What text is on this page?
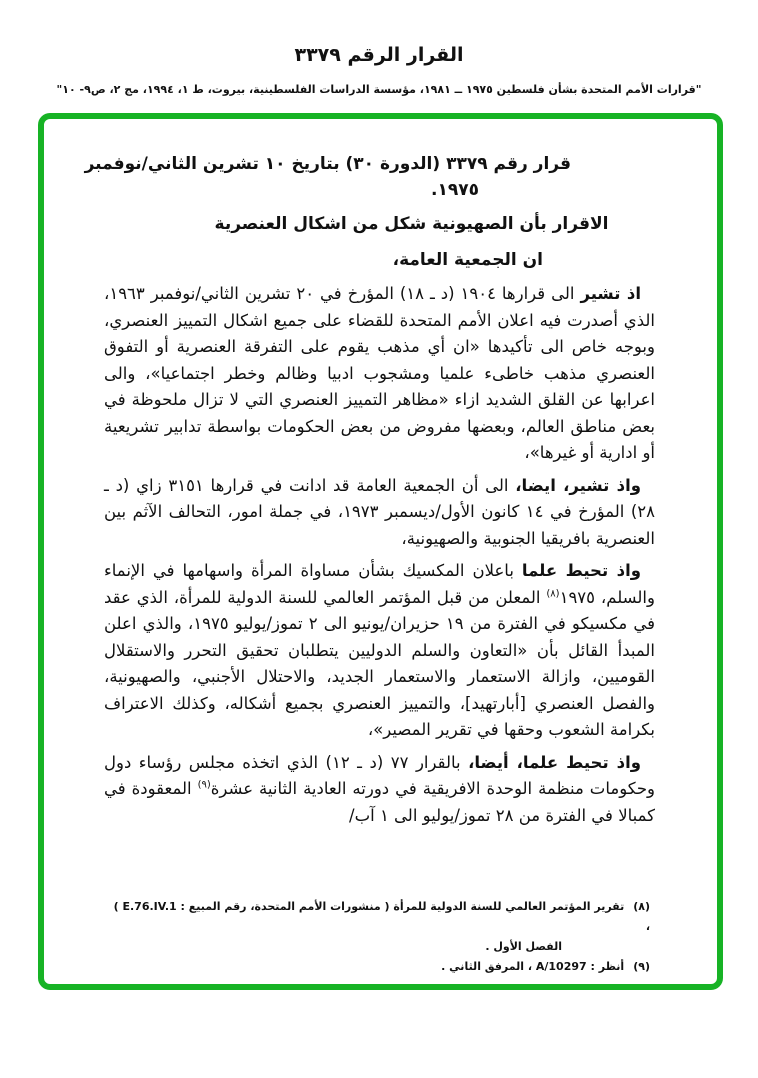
القرار الرقم ٣٣٧٩
"قرارات الأمم المتحدة بشأن فلسطين ١٩٧٥ ــ ١٩٨١، مؤسسة الدراسات الفلسطينية، بيروت، ط ١، ١٩٩٤، مج ٢، ص٩- ١٠"
قرار رقم ٣٣٧٩ (الدورة ٣٠) بتاريخ ١٠ تشرين الثاني/نوفمبر
١٩٧٥.
الاقرار بأن الصهيونية شكل من اشكال العنصرية
ان الجمعية العامة،
اذ تشير الى قرارها ١٩٠٤ (د ـ ١٨) المؤرخ في ٢٠ تشرين الثاني/نوفمبر ١٩٦٣، الذي أصدرت فيه اعلان الأمم المتحدة للقضاء على جميع اشكال التمييز العنصري، وبوجه خاص الى تأكيدها «ان أي مذهب يقوم على التفرقة العنصرية أو التفوق العنصري مذهب خاطىء علميا ومشجوب ادبيا وظالم وخطر اجتماعيا»، والى اعرابها عن القلق الشديد ازاء «مظاهر التمييز العنصري التي لا تزال ملحوظة في بعض مناطق العالم، وبعضها مفروض من بعض الحكومات بواسطة تدابير تشريعية أو ادارية أو غيرها»،
واذ تشير، ايضا، الى أن الجمعية العامة قد ادانت في قرارها ٣١٥١ زاي (د ـ ٢٨) المؤرخ في ١٤ كانون الأول/ديسمبر ١٩٧٣، في جملة امور، التحالف الآثم بين العنصرية بافريقيا الجنوبية والصهيونية،
واذ تحيط علما باعلان المكسيك بشأن مساواة المرأة واسهامها في الإنماء والسلم، ١٩٧٥$^{(٨)}$ المعلن من قبل المؤتمر العالمي للسنة الدولية للمرأة، الذي عقد في مكسيكو في الفترة من ١٩ حزيران/يونيو الى ٢ تموز/يوليو ١٩٧٥، والذي اعلن المبدأ القائل بأن «التعاون والسلم الدوليين يتطلبان تحقيق التحرر والاستقلال القوميين، وازالة الاستعمار والاستعمار الجديد، والاحتلال الأجنبي، والصهيونية، والفصل العنصري [أبارتهيد]، والتمييز العنصري بجميع أشكاله، وكذلك الاعتراف بكرامة الشعوب وحقها في تقرير المصير»،
واذ تحيط علما، أيضا، بالقرار ٧٧ (د ـ ١٢) الذي اتخذه مجلس رؤساء دول وحكومات منظمة الوحدة الافريقية في دورته العادية الثانية عشرة$^{(٩)}$ المعقودة في كمبالا في الفترة من ٢٨ تموز/يوليو الى ١ آب/
(٨)تقرير المؤتمر العالمي للسنة الدولية للمرأة ( منشورات الأمم المتحدة، رقم المبيع : E.76.IV.1 ) ،
الفصل الأول .
(٩)أنظر : A/10297 ، المرفق الثاني .
